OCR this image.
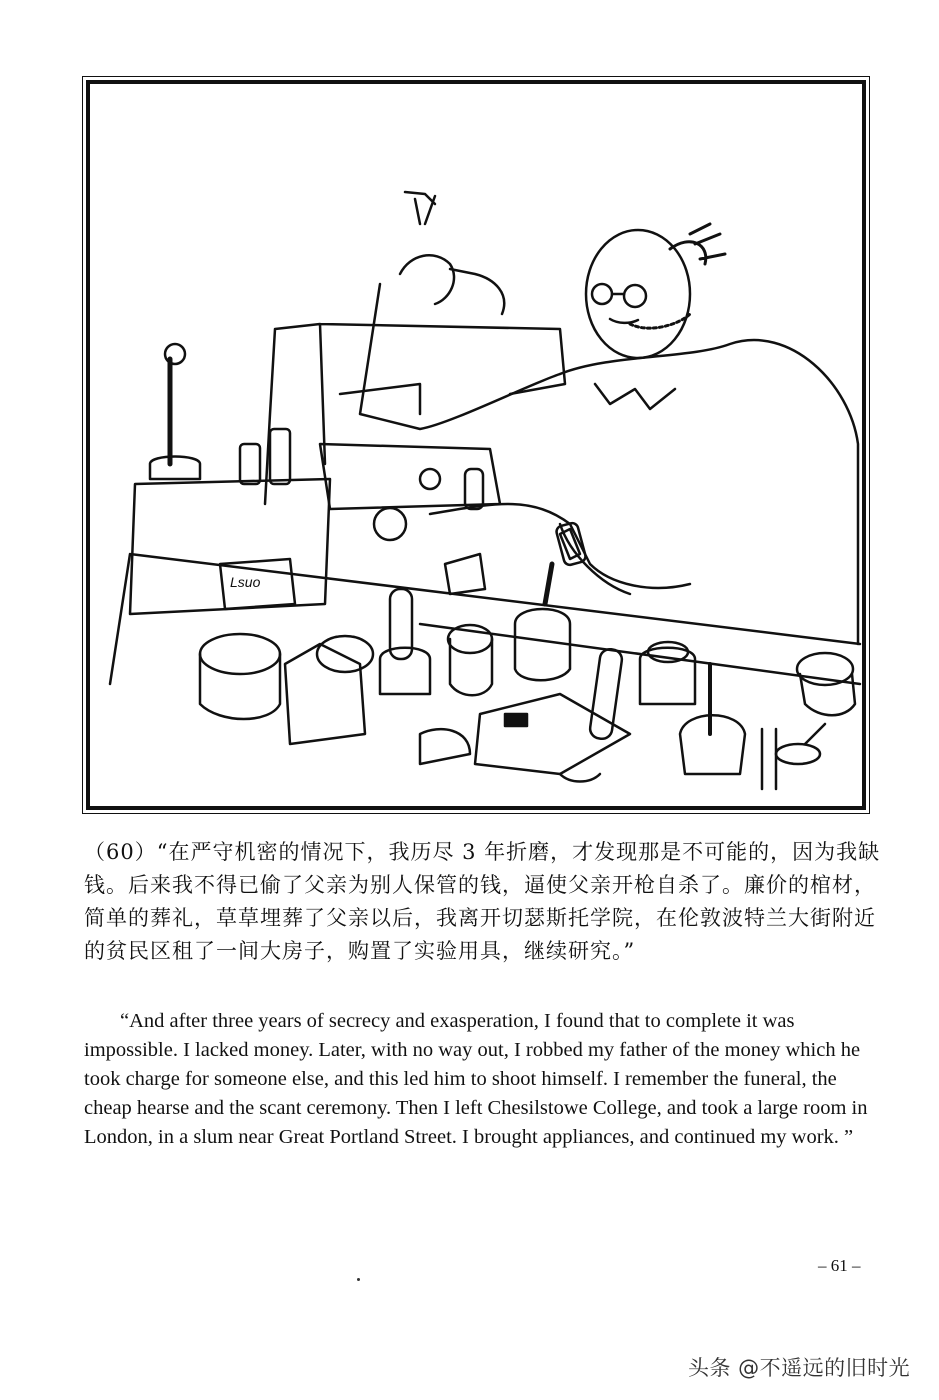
Lsuo

（60）“在严守机密的情况下，我历尽 3 年折磨，才发现那是不可能的，因为我缺钱。后来我不得已偷了父亲为别人保管的钱，逼使父亲开枪自杀了。廉价的棺材，简单的葬礼，草草埋葬了父亲以后，我离开切瑟斯托学院，在伦敦波特兰大街附近的贫民区租了一间大房子，购置了实验用具，继续研究。”

“And after three years of secrecy and exasperation, I found that to complete it was impossible. I lacked money. Later, with no way out, I robbed my father of the money which he took charge for someone else, and this led him to shoot himself. I remember the funeral, the cheap hearse and the scant ceremony. Then I left Chesilstowe College, and took a large room in London, in a slum near Great Portland Street. I brought appliances, and continued my work. ”

– 61 –
头条 @不遥远的旧时光
